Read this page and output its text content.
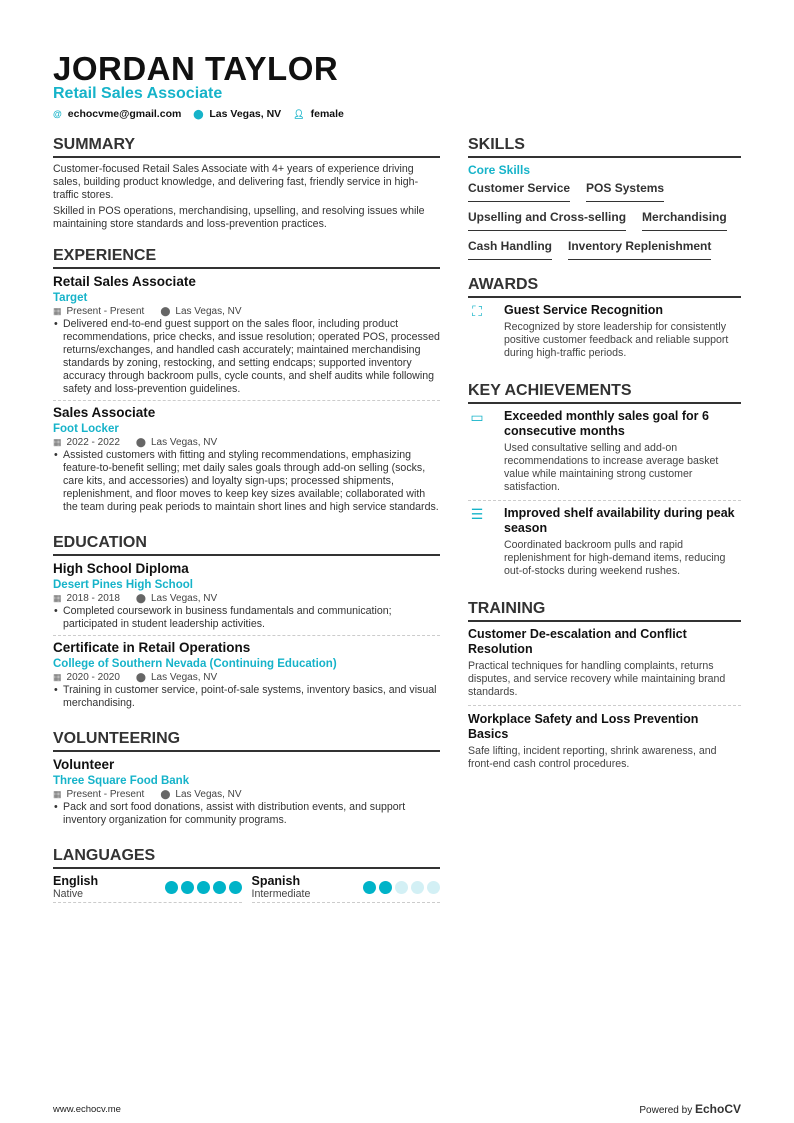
JORDAN TAYLOR
Retail Sales Associate
@ echocvme@gmail.com ⬤ Las Vegas, NV 👤︎ female
SUMMARY

Customer-focused Retail Sales Associate with 4+ years of experience driving sales, building product knowledge, and delivering fast, friendly service in high-traffic stores.

Skilled in POS operations, merchandising, upselling, and resolving issues while maintaining store standards and loss-prevention practices.

EXPERIENCE
Retail Sales Associate
Target
▦ Present - Present ⬤ Las Vegas, NV
• Delivered end-to-end guest support on the sales floor, including product recommendations, price checks, and issue resolution; operated POS, processed returns/exchanges, and handled cash accurately; maintained merchandising standards by zoning, restocking, and setting endcaps; supported inventory accuracy through backroom pulls, cycle counts, and shelf audits while following safety and loss-prevention guidelines.
Sales Associate
Foot Locker
▦ 2022 - 2022 ⬤ Las Vegas, NV
• Assisted customers with fitting and styling recommendations, emphasizing feature-to-benefit selling; met daily sales goals through add-on selling (socks, care kits, and accessories) and loyalty sign-ups; processed shipments, replenishment, and floor moves to keep key sizes available; collaborated with the team during peak periods to maintain short lines and high service standards.
EDUCATION
High School Diploma
Desert Pines High School
▦ 2018 - 2018 ⬤ Las Vegas, NV
• Completed coursework in business fundamentals and communication; participated in student leadership activities.
Certificate in Retail Operations
College of Southern Nevada (Continuing Education)
▦ 2020 - 2020 ⬤ Las Vegas, NV
• Training in customer service, point-of-sale systems, inventory basics, and visual merchandising.
VOLUNTEERING
Volunteer
Three Square Food Bank
▦ Present - Present ⬤ Las Vegas, NV
• Pack and sort food donations, assist with distribution events, and support inventory organization for community programs.
LANGUAGES
English
Native
Spanish
Intermediate
SKILLS
Core Skills
Customer Service POS Systems
Upselling and Cross-selling Merchandising
Cash Handling Inventory Replenishment
AWARDS
⛶	Guest Service Recognition
Recognized by store leadership for consistently positive customer feedback and reliable support during high-traffic periods.
KEY ACHIEVEMENTS
▭ Exceeded monthly sales goal for 6 consecutive months
Used consultative selling and add-on recommendations to increase average basket value while maintaining strong customer satisfaction.
☰ Improved shelf availability during peak season
Coordinated backroom pulls and rapid replenishment for high-demand items, reducing out-of-stocks during weekend rushes.
TRAINING
Customer De-escalation and Conflict Resolution
Practical techniques for handling complaints, returns disputes, and service recovery while maintaining brand standards.
Workplace Safety and Loss Prevention Basics
Safe lifting, incident reporting, shrink awareness, and front-end cash control procedures.
www.echocv.me	Powered by EchoCV
